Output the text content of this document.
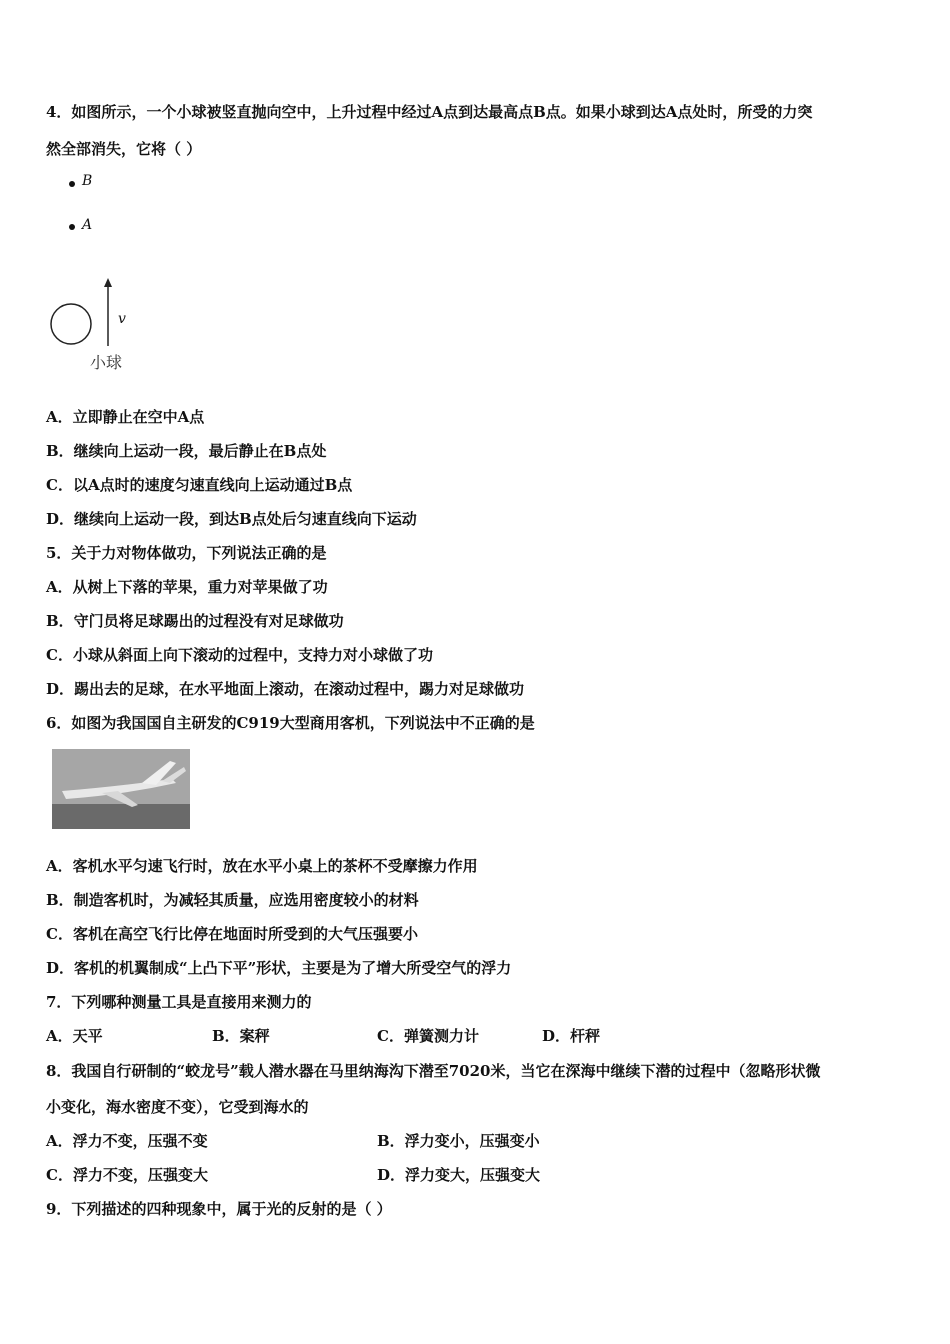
4．如图所示，一个小球被竖直抛向空中，上升过程中经过A点到达最高点B点。如果小球到达A点处时，所受的力突
然全部消失，它将（ ）
B
A
v
小球
A．立即静止在空中A点
B．继续向上运动一段，最后静止在B点处
C．以A点时的速度匀速直线向上运动通过B点
D．继续向上运动一段，到达B点处后匀速直线向下运动
5．关于力对物体做功，下列说法正确的是
A．从树上下落的苹果，重力对苹果做了功
B．守门员将足球踢出的过程没有对足球做功
C．小球从斜面上向下滚动的过程中，支持力对小球做了功
D．踢出去的足球，在水平地面上滚动，在滚动过程中，踢力对足球做功
6．如图为我国国自主研发的C919大型商用客机，下列说法中不正确的是
A．客机水平匀速飞行时，放在水平小桌上的茶杯不受摩擦力作用
B．制造客机时，为减轻其质量，应选用密度较小的材料
C．客机在高空飞行比停在地面时所受到的大气压强要小
D．客机的机翼制成“上凸下平”形状，主要是为了增大所受空气的浮力
7．下列哪种测量工具是直接用来测力的
A．天平	B．案秤	C．弹簧测力计	D．杆秤
8．我国自行研制的“蛟龙号”载人潜水器在马里纳海沟下潜至7020米，当它在深海中继续下潜的过程中（忽略形状微
小变化，海水密度不变），它受到海水的
A．浮力不变，压强不变	B．浮力变小，压强变小
C．浮力不变，压强变大	D．浮力变大，压强变大
9．下列描述的四种现象中，属于光的反射的是（ ）
